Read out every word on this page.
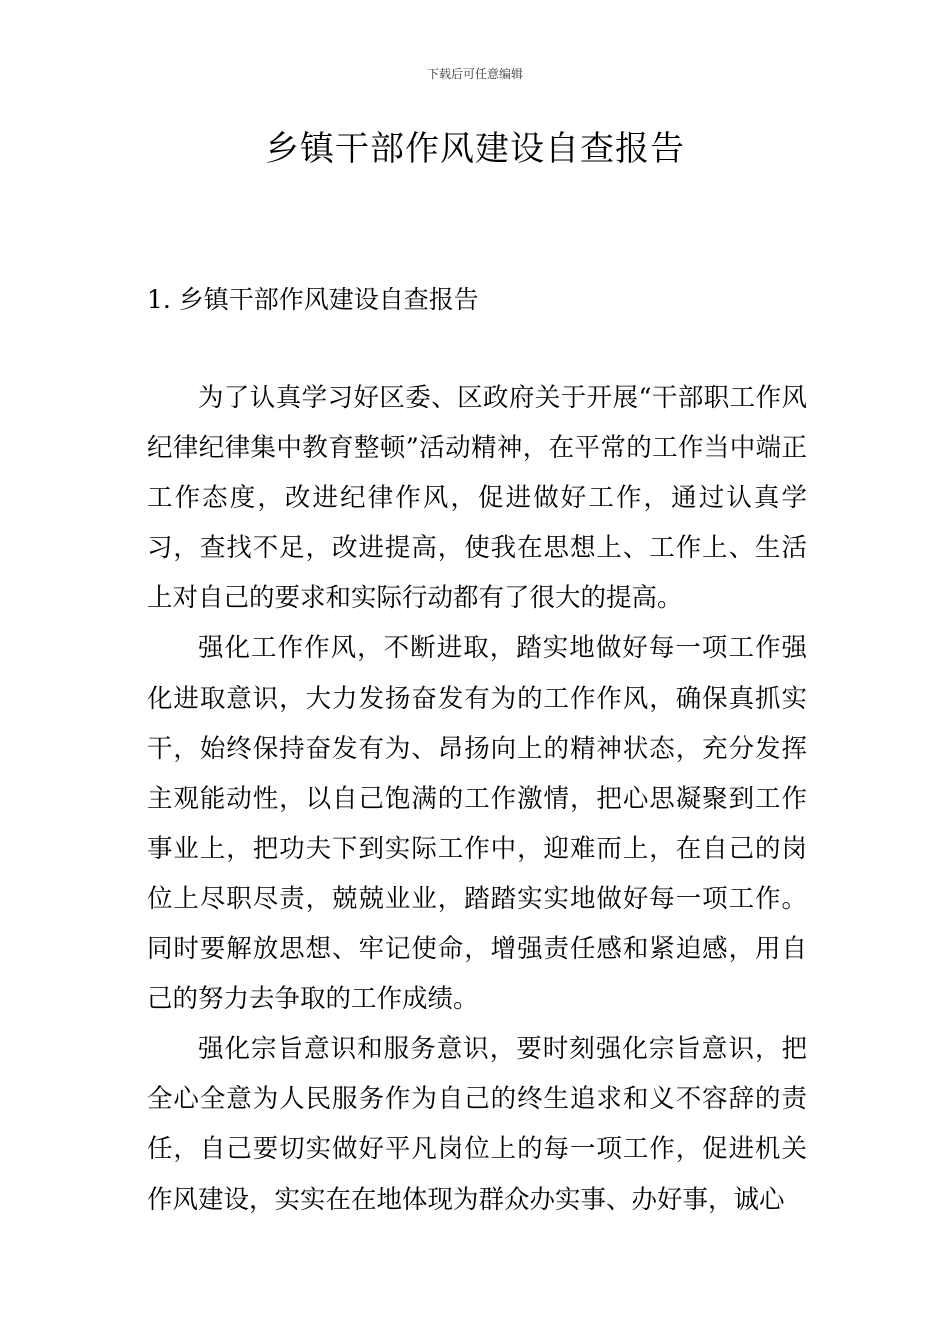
下载后可任意编辑
乡镇干部作风建设自查报告
1. 乡镇干部作风建设自查报告

为了认真学习好区委、区政府关于开展“干部职工作风纪律纪律集中教育整顿”活动精神，在平常的工作当中端正工作态度，改进纪律作风，促进做好工作，通过认真学习，查找不足，改进提高，使我在思想上、工作上、生活上对自己的要求和实际行动都有了很大的提高。

强化工作作风，不断进取，踏实地做好每一项工作强化进取意识，大力发扬奋发有为的工作作风，确保真抓实干，始终保持奋发有为、昂扬向上的精神状态，充分发挥主观能动性，以自己饱满的工作激情，把心思凝聚到工作事业上，把功夫下到实际工作中，迎难而上，在自己的岗位上尽职尽责，兢兢业业，踏踏实实地做好每一项工作。同时要解放思想、牢记使命，增强责任感和紧迫感，用自己的努力去争取的工作成绩。

强化宗旨意识和服务意识，要时刻强化宗旨意识，把全心全意为人民服务作为自己的终生追求和义不容辞的责任，自己要切实做好平凡岗位上的每一项工作，促进机关作风建设，实实在在地体现为群众办实事、办好事，诚心
